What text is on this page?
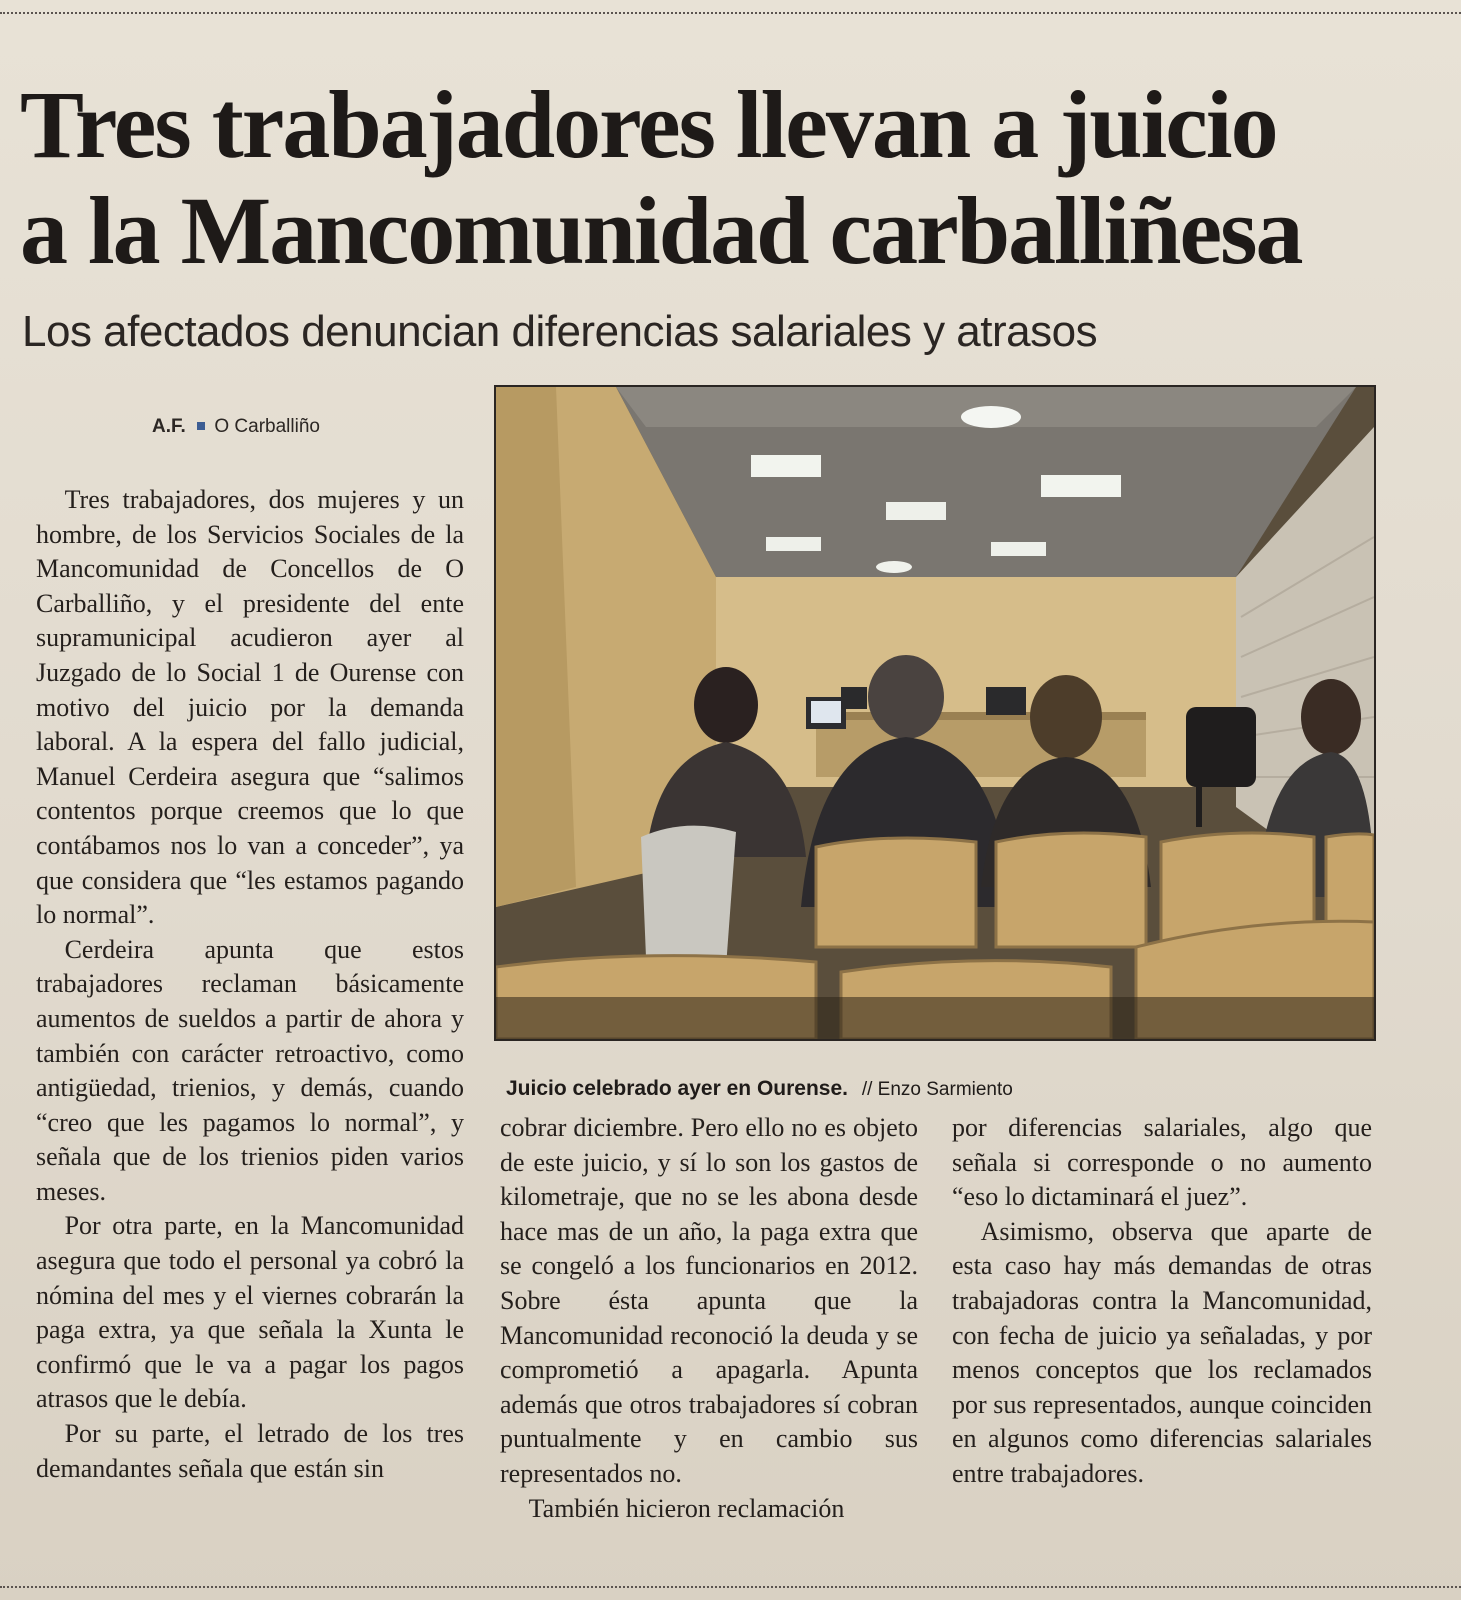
Tres trabajadores llevan a juicio
a la Mancomunidad carballiñesa
Los afectados denuncian diferencias salariales y atrasos
A.F. O Carballiño

Tres trabajadores, dos mujeres y un hombre, de los Servicios Sociales de la Mancomunidad de Concellos de O Carballiño, y el presidente del ente supramunicipal acudieron ayer al Juzgado de lo Social 1 de Ourense con motivo del juicio por la demanda laboral. A la espera del fallo judicial, Manuel Cerdeira asegura que “salimos contentos porque creemos que lo que contábamos nos lo van a conceder”, ya que considera que “les estamos pagando lo normal”.

Cerdeira apunta que estos trabajadores reclaman básicamente aumentos de sueldos a partir de ahora y también con carácter retroactivo, como antigüedad, trienios, y demás, cuando “creo que les pagamos lo normal”, y señala que de los trienios piden varios meses.

Por otra parte, en la Mancomunidad asegura que todo el personal ya cobró la nómina del mes y el viernes cobrarán la paga extra, ya que señala la Xunta le confirmó que le va a pagar los pagos atrasos que le debía.

Por su parte, el letrado de los tres demandantes señala que están sin

Juicio celebrado ayer en Ourense. // Enzo Sarmiento

cobrar diciembre. Pero ello no es objeto de este juicio, y sí lo son los gastos de kilometraje, que no se les abona desde hace mas de un año, la paga extra que se congeló a los funcionarios en 2012. Sobre ésta apunta que la Mancomunidad reconoció la deuda y se comprometió a apagarla. Apunta además que otros trabajadores sí cobran puntualmente y en cambio sus representados no.

También hicieron reclamación

por diferencias salariales, algo que señala si corresponde o no aumento “eso lo dictaminará el juez”.

Asimismo, observa que aparte de esta caso hay más demandas de otras trabajadoras contra la Mancomunidad, con fecha de juicio ya señaladas, y por menos conceptos que los reclamados por sus representados, aunque coinciden en algunos como diferencias salariales entre trabajadores.
